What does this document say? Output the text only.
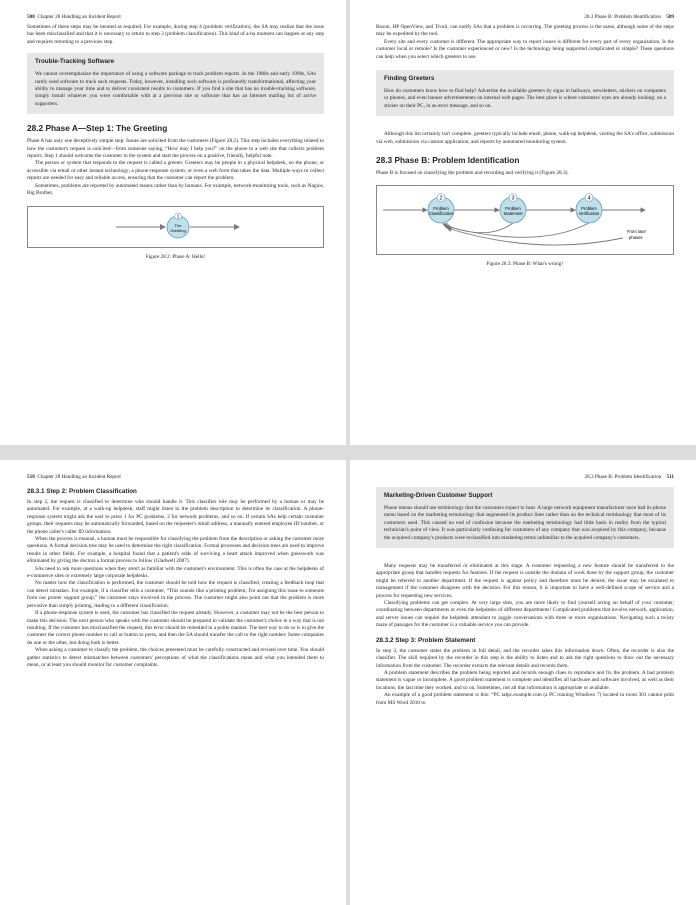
508 Chapter 28 Handling an Incident Report

Sometimes of these steps may be iterated as required. For example, during step 4 (problem verification), the SA may realize that the issue has been misclassified and that it is necessary to return to step 2 (problem classification). This kind of a-ha moment can happen at any step and requires returning to a previous step.

Trouble-Tracking Software

We cannot overemphasize the importance of using a software package to track problem reports. In the 1980s and early 1990s, SAs rarely used software to track such requests. Today, however, installing such software is profoundly transformational, affecting your ability to manage your time and to deliver consistent results to customers. If you find a site that has no trouble-tracking software, simply install whatever you were comfortable with at a previous site or software that has an Internet mailing list of active supporters.

28.2 Phase A—Step 1: The Greeting

Phase A has only one deceptively simple step: Issues are solicited from the customers (Figure 28.2). This step includes everything related to how the customer's request is solicited—from someone saying, “How may I help you?” on the phone to a web site that collects problem reports. Step 1 should welcome the customer to the system and start the process on a positive, friendly, helpful note.

The person or system that responds to the request is called a greeter. Greeters may be people in a physical helpdesk, on the phone, or accessible via email or other instant technology; a phone-response system; or even a web form that takes the data. Multiple ways to collect reports are needed for easy and reliable access, ensuring that the customer can report the problem.

Sometimes, problems are reported by automated means rather than by humans. For example, network-monitoring tools, such as Nagios, Big Brother,

1
The
Greeting
Figure 28.2: Phase A: Hello!
28.3 Phase B: Problem Identification 509

Bosun, HP OpenView, and Tivoli, can notify SAs that a problem is occurring. The greeting process is the same, although some of the steps may be expedited by the tool.

Every site and every customer is different. The appropriate way to report issues is different for every part of every organization. Is the customer local or remote? Is the customer experienced or new? Is the technology being supported complicated or simple? These questions can help when you select which greeters to use.

Finding Greeters

How do customers know how to find help? Advertise the available greeters by signs in hallways, newsletters, stickers on computers or phones, and even banner advertisements on internal web pages. The best place is where customers' eyes are already looking: on a sticker on their PC, in an error message, and so on.

Although this list certainly isn't complete, greeters typically include email, phone, walk-up helpdesk, visiting the SA's office, submission via web, submission via custom application, and reports by automated monitoring system.

28.3 Phase B: Problem Identification

Phase B is focused on classifying the problem and recording and verifying it (Figure 28.3).

2
Problem
Classification
3
Problem
Statement
4
Problem
Verification
From later
phases
Figure 28.3: Phase B: What's wrong?
510 Chapter 28 Handling an Incident Report
28.3.1 Step 2: Problem Classification

In step 2, the request is classified to determine who should handle it. This classifier role may be performed by a human or may be automated. For example, at a walk-up helpdesk, staff might listen to the problem description to determine its classification. A phone-response system might ask the user to press 1 for PC problems, 2 for network problems, and so on. If certain SAs help certain customer groups, their requests may be automatically forwarded, based on the requester's email address, a manually entered employee ID number, or the phone caller's caller ID information.

When the process is manual, a human must be responsible for classifying the problem from the description or asking the customer more questions. A formal decision tree may be used to determine the right classification. Formal processes and decision trees are used to improve results in other fields. For example, a hospital found that a patient's odds of surviving a heart attack improved when guesswork was eliminated by giving the doctors a formal process to follow (Gladwell 2007).

SAs need to ask more questions when they aren't as familiar with the customer's environment. This is often the case at the helpdesks of e-commerce sites or extremely large corporate helpdesks.

No matter how the classification is performed, the customer should be told how the request is classified, creating a feedback loop that can detect mistakes. For example, if a classifier tells a customer, “This sounds like a printing problem; I'm assigning this issue to someone from our printer support group,” the customer stays involved in the process. The customer might also point out that the problem is more pervasive than simply printing, leading to a different classification.

If a phone-response system is used, the customer has classified the request already. However, a customer may not be the best person to make this decision. The next person who speaks with the customer should be prepared to validate the customer's choice in a way that is not insulting. If the customer has misclassified the request, this error should be remedied in a polite manner. The best way to do so is to give the customer the correct phone number to call or button to press, and then the SA should transfer the call to the right number. Some companies do one or the other, but doing both is better.

When asking a customer to classify the problem, the choices presented must be carefully constructed and revised over time. You should gather statistics to detect mismatches between customers' perceptions of what the classifications mean and what you intended them to mean, or at least you should monitor for customer complaints.

28.3 Phase B: Problem Identification 511
Marketing-Driven Customer Support

Phone menus should use terminology that the customers expect to hear. A large network equipment manufacturer once had its phone menu based on the marketing terminology that segmented its product lines rather than on the technical terminology that most of its customers used. This caused no end of confusion because the marketing terminology had little basis in reality from the typical technician's point of view. It was particularly confusing for customers of any company that was acquired by this company, because the acquired company's products were reclassified into marketing terms unfamiliar to the acquired company's customers.

Many requests may be transferred or eliminated at this stage. A customer requesting a new feature should be transferred to the appropriate group that handles requests for features. If the request is outside the domain of work done by the support group, the customer might be referred to another department. If the request is against policy and therefore must be denied, the issue may be escalated to management if the customer disagrees with the decision. For this reason, it is important to have a well-defined scope of service and a process for requesting new services.

Classifying problems can get complex. At very large sites, you are more likely to find yourself acting on behalf of your customer, coordinating between departments or even the helpdesks of different departments! Complicated problems that involve network, application, and server issues can require the helpdesk attendant to juggle conversations with three or more organizations. Navigating such a twisty maze of passages for the customer is a valuable service you can provide.

28.3.2 Step 3: Problem Statement

In step 3, the customer states the problem in full detail, and the recorder takes this information down. Often, the recorder is also the classifier. The skill required by the recorder in this step is the ability to listen and to ask the right questions to draw out the necessary information from the customer. The recorder extracts the relevant details and records them.

A problem statement describes the problem being reported and records enough clues to reproduce and fix the problem. A bad problem statement is vague or incomplete. A good problem statement is complete and identifies all hardware and software involved, as well as their locations, the last time they worked, and so on. Sometimes, not all that information is appropriate or available.

An example of a good problem statement is this: “PC talpc.example.com (a PC running Windows 7) located in room 301 cannot print from MS Word 2010 to
